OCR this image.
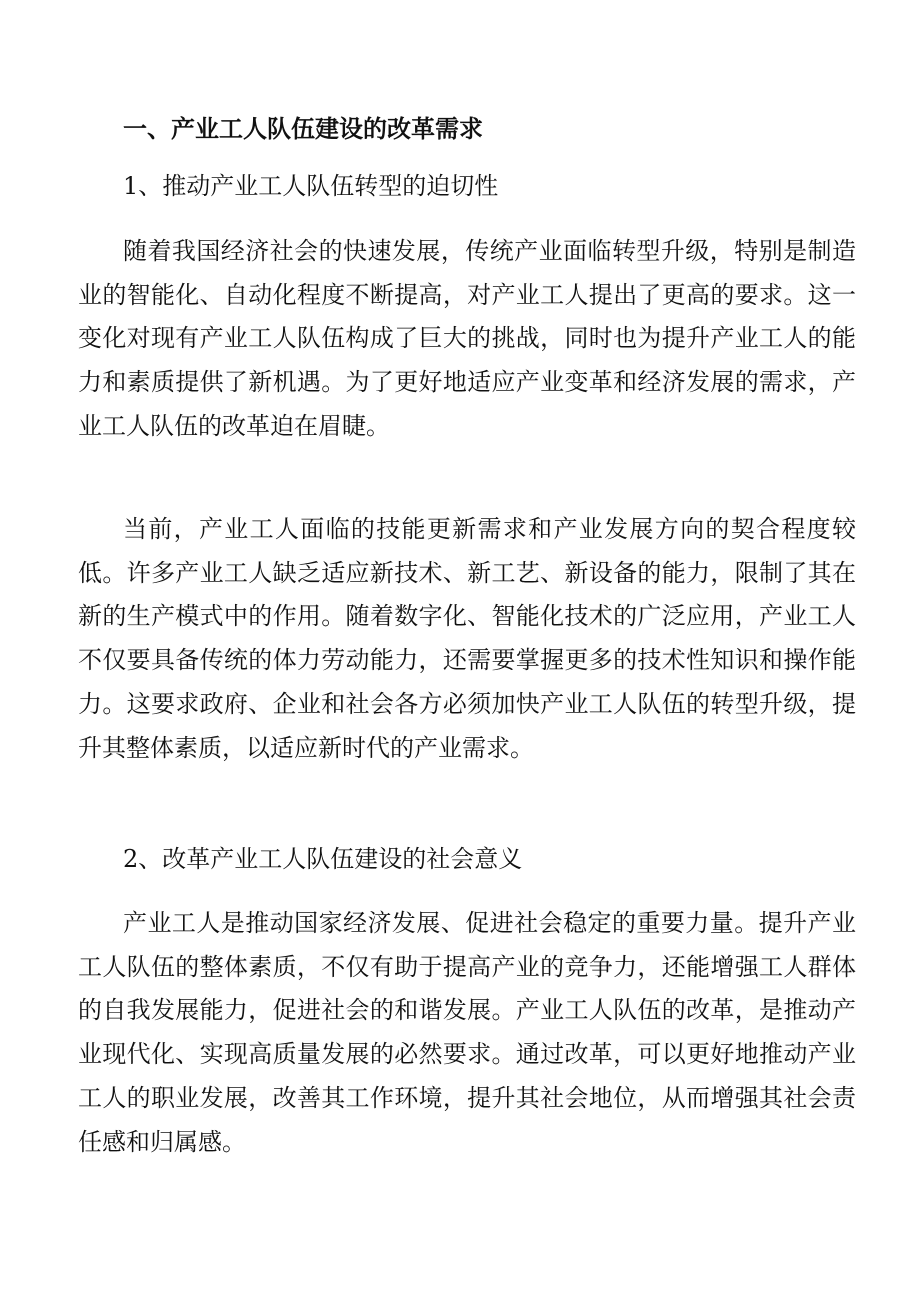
一、产业工人队伍建设的改革需求
1、推动产业工人队伍转型的迫切性

随着我国经济社会的快速发展，传统产业面临转型升级，特别是制造业的智能化、自动化程度不断提高，对产业工人提出了更高的要求。这一变化对现有产业工人队伍构成了巨大的挑战，同时也为提升产业工人的能力和素质提供了新机遇。为了更好地适应产业变革和经济发展的需求，产业工人队伍的改革迫在眉睫。

当前，产业工人面临的技能更新需求和产业发展方向的契合程度较低。许多产业工人缺乏适应新技术、新工艺、新设备的能力，限制了其在新的生产模式中的作用。随着数字化、智能化技术的广泛应用，产业工人不仅要具备传统的体力劳动能力，还需要掌握更多的技术性知识和操作能力。这要求政府、企业和社会各方必须加快产业工人队伍的转型升级，提升其整体素质，以适应新时代的产业需求。

2、改革产业工人队伍建设的社会意义

产业工人是推动国家经济发展、促进社会稳定的重要力量。提升产业工人队伍的整体素质，不仅有助于提高产业的竞争力，还能增强工人群体的自我发展能力，促进社会的和谐发展。产业工人队伍的改革，是推动产业现代化、实现高质量发展的必然要求。通过改革，可以更好地推动产业工人的职业发展，改善其工作环境，提升其社会地位，从而增强其社会责任感和归属感。
